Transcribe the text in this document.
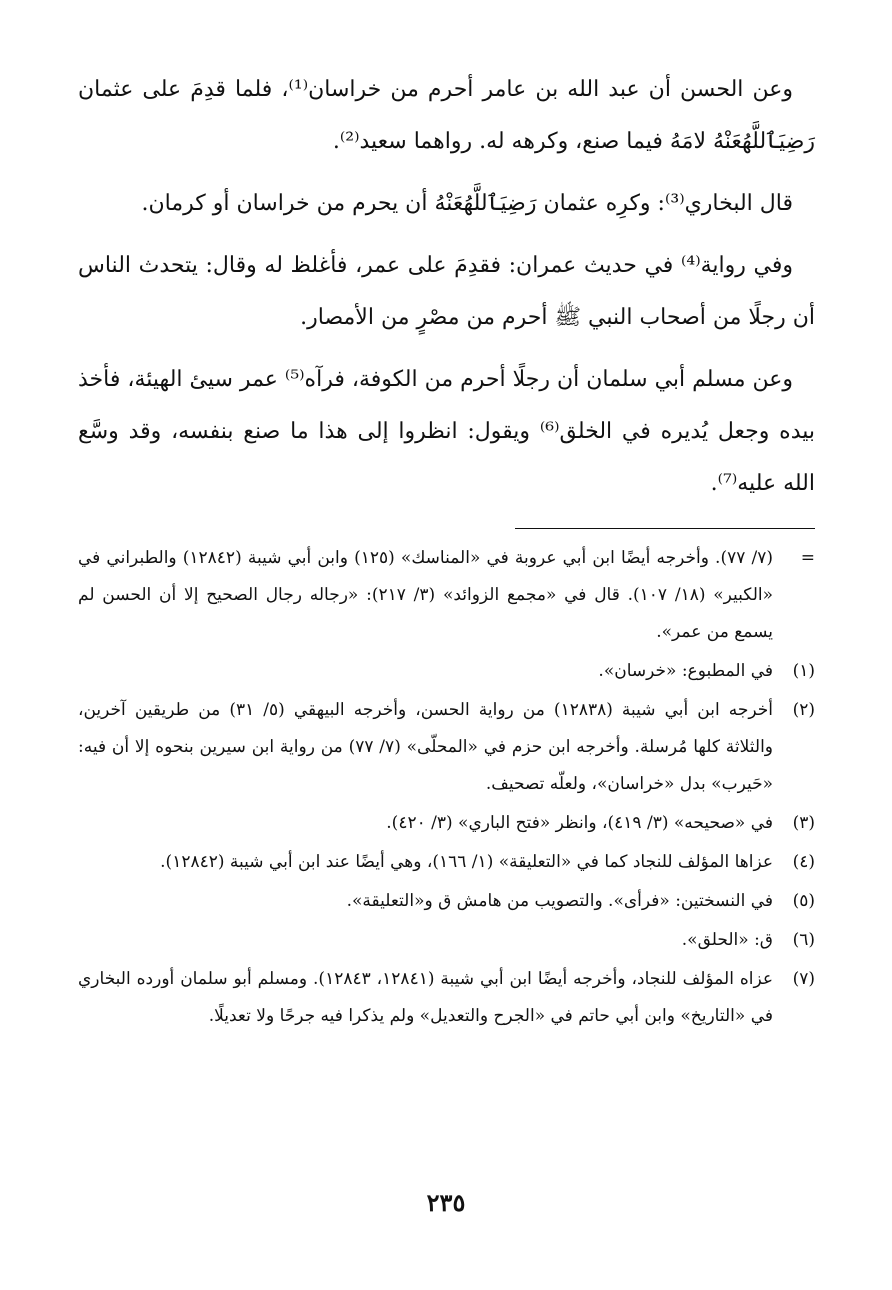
وعن الحسن أن عبد الله بن عامر أحرم من خراسان⁽¹⁾، فلما قدِمَ على عثمان رَضِيَٱللَّهُعَنْهُ لامَهُ فيما صنع، وكرهه له. رواهما سعيد⁽²⁾.

قال البخاري⁽³⁾: وكرِه عثمان رَضِيَٱللَّهُعَنْهُ أن يحرم من خراسان أو كرمان.

وفي رواية⁽⁴⁾ في حديث عمران: فقدِمَ على عمر، فأغلظ له وقال: يتحدث الناس أن رجلًا من أصحاب النبي ﷺ أحرم من مصْرٍ من الأمصار.

وعن مسلم أبي سلمان أن رجلًا أحرم من الكوفة، فرآه⁽⁵⁾ عمر سيئ الهيئة، فأخذ بيده وجعل يُديره في الخلق⁽⁶⁾ ويقول: انظروا إلى هذا ما صنع بنفسه، وقد وسَّع الله عليه⁽⁷⁾.

=
(٧/ ٧٧). وأخرجه أيضًا ابن أبي عروبة في «المناسك» (١٢٥) وابن أبي شيبة (١٢٨٤٢) والطبراني في «الكبير» (١٨/ ١٠٧). قال في «مجمع الزوائد» (٣/ ٢١٧): «رجاله رجال الصحيح إلا أن الحسن لم يسمع من عمر».
(١)
في المطبوع: «خرسان».
(٢)
أخرجه ابن أبي شيبة (١٢٨٣٨) من رواية الحسن، وأخرجه البيهقي (٥/ ٣١) من طريقين آخرين، والثلاثة كلها مُرسلة. وأخرجه ابن حزم في «المحلّى» (٧/ ٧٧) من رواية ابن سيرين بنحوه إلا أن فيه: «حَيرب» بدل «خراسان»، ولعلّه تصحيف.
(٣)
في «صحيحه» (٣/ ٤١٩)، وانظر «فتح الباري» (٣/ ٤٢٠).
(٤)
عزاها المؤلف للنجاد كما في «التعليقة» (١/ ١٦٦)، وهي أيضًا عند ابن أبي شيبة (١٢٨٤٢).
(٥)
في النسختين: «فرأى». والتصويب من هامش ق و«التعليقة».
(٦)
ق: «الحلق».
(٧)
عزاه المؤلف للنجاد، وأخرجه أيضًا ابن أبي شيبة (١٢٨٤١، ١٢٨٤٣). ومسلم أبو سلمان أورده البخاري في «التاريخ» وابن أبي حاتم في «الجرح والتعديل» ولم يذكرا فيه جرحًا ولا تعديلًا.
٢٣٥
